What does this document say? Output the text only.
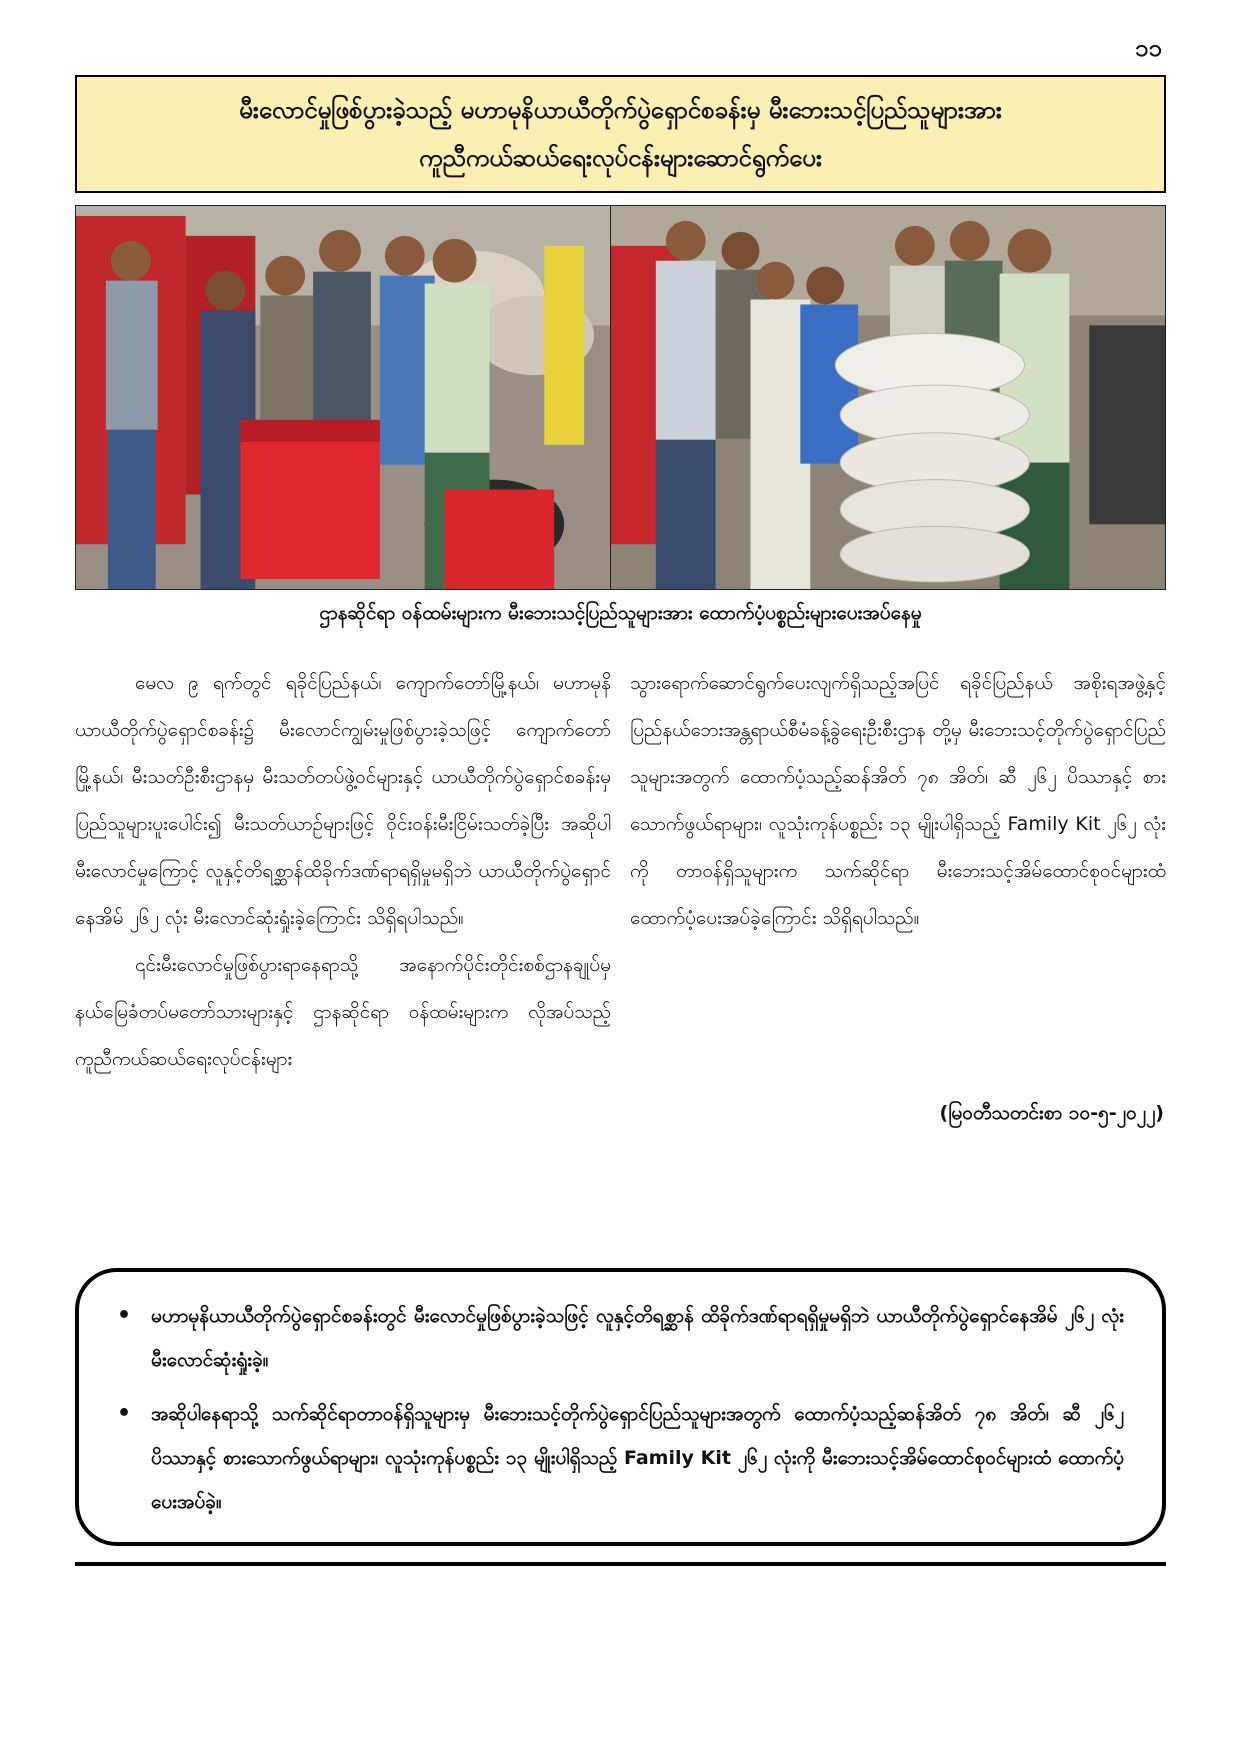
၁၁
မီးလောင်မှုဖြစ်ပွားခဲ့သည့် မဟာမုနိယာယီတိုက်ပွဲရှောင်စခန်းမှ မီးဘေးသင့်ပြည်သူများအား
ကူညီကယ်ဆယ်ရေးလုပ်ငန်းများဆောင်ရွက်ပေး
ဌာနဆိုင်ရာ ဝန်ထမ်းများက မီးဘေးသင့်ပြည်သူများအား ထောက်ပံ့ပစ္စည်းများပေးအပ်နေမှု

မေလ ၉ ရက်တွင် ရခိုင်ပြည်နယ်၊ ကျောက်တော်မြို့နယ်၊ မဟာမုနိယာယီတိုက်ပွဲရှောင်စခန်း၌ မီးလောင်ကျွမ်းမှုဖြစ်ပွားခဲ့သဖြင့် ကျောက်တော်မြို့နယ်၊ မီးသတ်ဦးစီးဌာနမှ မီးသတ်တပ်ဖွဲ့ဝင်များနှင့် ယာယီတိုက်ပွဲရှောင်စခန်းမှ ပြည်သူများပူးပေါင်း၍ မီးသတ်ယာဉ်များဖြင့် ဝိုင်းဝန်းမီးငြိမ်းသတ်ခဲ့ပြီး အဆိုပါ မီးလောင်မှုကြောင့် လူနှင့်တိရစ္ဆာန်ထိခိုက်ဒဏ်ရာရရှိမှုမရှိဘဲ ယာယီတိုက်ပွဲရှောင်နေအိမ် ၂၆၂ လုံး မီးလောင်ဆုံးရှုံးခဲ့ကြောင်း သိရှိရပါသည်။

၎င်းမီးလောင်မှုဖြစ်ပွားရာနေရာသို့ အနောက်ပိုင်းတိုင်းစစ်ဌာနချုပ်မှ နယ်မြေခံတပ်မတော်သားများနှင့် ဌာနဆိုင်ရာ ဝန်ထမ်းများက လိုအပ်သည့် ကူညီကယ်ဆယ်ရေးလုပ်ငန်းများ

သွားရောက်ဆောင်ရွက်ပေးလျက်ရှိသည့်အပြင် ရခိုင်ပြည်နယ် အစိုးရအဖွဲ့နှင့် ပြည်နယ်ဘေးအန္တရာယ်စီမံခန့်ခွဲရေးဦးစီးဌာန တို့မှ မီးဘေးသင့်တိုက်ပွဲရှောင်ပြည်သူများအတွက် ထောက်ပံ့သည့်ဆန်အိတ် ၇၈ အိတ်၊ ဆီ ၂၆၂ ပိဿာနှင့် စားသောက်ဖွယ်ရာများ၊ လူသုံးကုန်ပစ္စည်း ၁၃ မျိုးပါရှိသည့် Family Kit ၂၆၂ လုံးကို တာဝန်ရှိသူများက သက်ဆိုင်ရာ မီးဘေးသင့်အိမ်ထောင်စုဝင်များထံ ထောက်ပံ့ပေးအပ်ခဲ့ကြောင်း သိရှိရပါသည်။

(မြဝတီသတင်းစာ ၁၀-၅-၂၀၂၂)
• မဟာမုနိယာယီတိုက်ပွဲရှောင်စခန်းတွင် မီးလောင်မှုဖြစ်ပွားခဲ့သဖြင့် လူနှင့်တိရစ္ဆာန် ထိခိုက်ဒဏ်ရာရရှိမှုမရှိဘဲ ယာယီတိုက်ပွဲရှောင်နေအိမ် ၂၆၂ လုံး မီးလောင်ဆုံးရှုံးခဲ့။
• အဆိုပါနေရာသို့ သက်ဆိုင်ရာတာဝန်ရှိသူများမှ မီးဘေးသင့်တိုက်ပွဲရှောင်ပြည်သူများအတွက် ထောက်ပံ့သည့်ဆန်အိတ် ၇၈ အိတ်၊ ဆီ ၂၆၂ ပိဿာနှင့် စားသောက်ဖွယ်ရာများ၊ လူသုံးကုန်ပစ္စည်း ၁၃ မျိုးပါရှိသည့် Family Kit ၂၆၂ လုံးကို မီးဘေးသင့်အိမ်ထောင်စုဝင်များထံ ထောက်ပံ့ပေးအပ်ခဲ့။
